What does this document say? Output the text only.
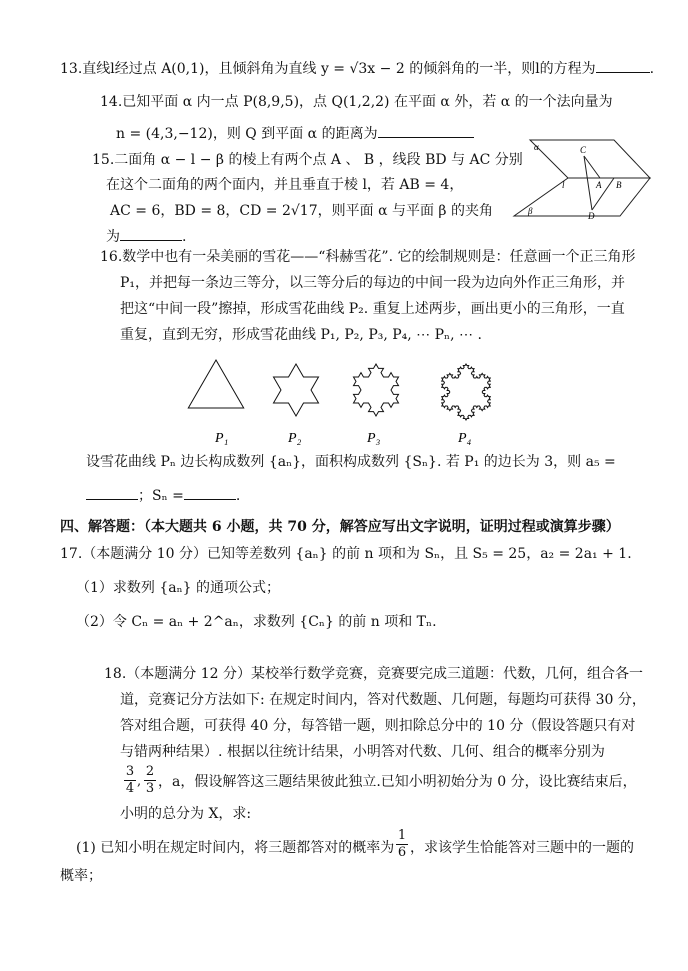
13.直线l经过点 A(0,1)，且倾斜角为直线 y = √3x − 2 的倾斜角的一半，则l的方程为	.
14.已知平面 α 内一点 P(8,9,5)，点 Q(1,2,2) 在平面 α 外，若 α 的一个法向量为
n = (4,3,−12)，则 Q 到平面 α 的距离为
15.二面角 α − l − β 的棱上有两个点 A 、 B ，线段 BD 与 AC 分别
在这个二面角的两个面内，并且垂直于棱 l，若 AB = 4，
AC = 6，BD = 8，CD = 2√17，则平面 α 与平面 β 的夹角
为	.
α
β
C
l	A B
D
16.数学中也有一朵美丽的雪花——“科赫雪花”. 它的绘制规则是：任意画一个正三角形
P₁，并把每一条边三等分，以三等分后的每边的中间一段为边向外作正三角形，并
把这“中间一段”擦掉，形成雪花曲线 P₂. 重复上述两步，画出更小的三角形，一直
重复，直到无穷，形成雪花曲线 P₁, P₂, P₃, P₄, ⋯ Pₙ, ⋯ .
P₁	P₂	P₃	P₄
设雪花曲线 Pₙ 边长构成数列 {aₙ}，面积构成数列 {Sₙ}. 若 P₁ 的边长为 3，则 a₅ =
；Sₙ =	.
四、解答题：（本大题共 6 小题，共 70 分，解答应写出文字说明，证明过程或演算步骤）
17.（本题满分 10 分）已知等差数列 {aₙ} 的前 n 项和为 Sₙ，且 S₅ = 25，a₂ = 2a₁ + 1.
（1）求数列 {aₙ} 的通项公式；
（2）令 Cₙ = aₙ + 2^aₙ，求数列 {Cₙ} 的前 n 项和 Tₙ.
18.（本题满分 12 分）某校举行数学竞赛，竞赛要完成三道题：代数，几何，组合各一
道，竞赛记分方法如下: 在规定时间内，答对代数题、几何题，每题均可获得 30 分，
答对组合题，可获得 40 分，每答错一题，则扣除总分中的 10 分（假设答题只有对
与错两种结果）. 根据以往统计结果，小明答对代数、几何、组合的概率分别为
$\frac{3}{4}$ , $\frac{2}{3}$ ，a，假设解答这三题结果彼此独立.已知小明初始分为 0 分，设比赛结束后，
小明的总分为 X，求:
(1) 已知小明在规定时间内，将三题都答对的概率为 $\frac{1}{6}$ ，求该学生恰能答对三题中的一题的
概率；
